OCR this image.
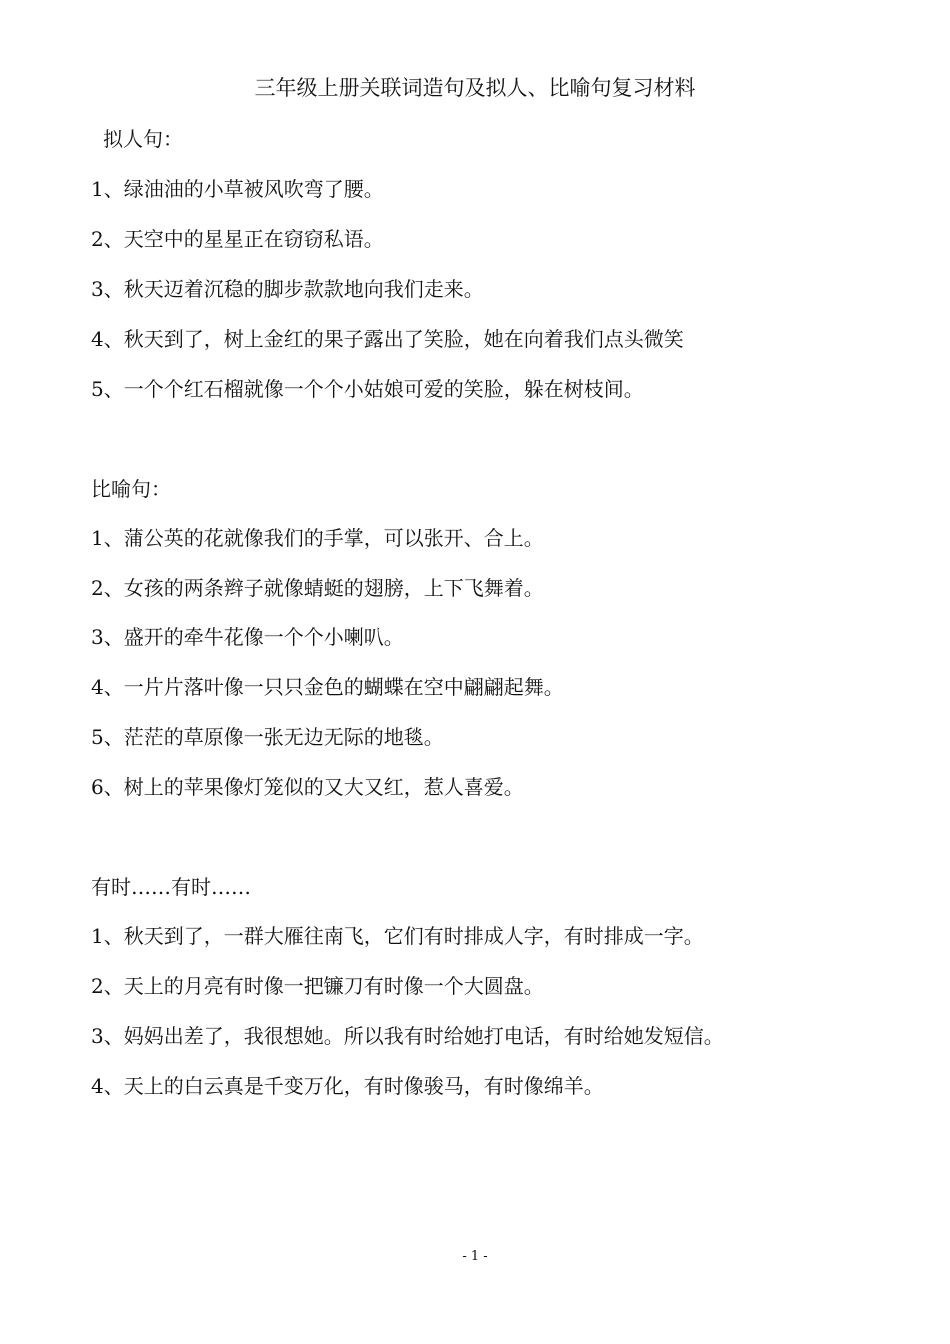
三年级上册关联词造句及拟人、比喻句复习材料
拟人句：
1、绿油油的小草被风吹弯了腰。
2、天空中的星星正在窃窃私语。
3、秋天迈着沉稳的脚步款款地向我们走来。
4、秋天到了，树上金红的果子露出了笑脸，她在向着我们点头微笑
5、一个个红石榴就像一个个小姑娘可爱的笑脸，躲在树枝间。
比喻句：
1、蒲公英的花就像我们的手掌，可以张开、合上。
2、女孩的两条辫子就像蜻蜓的翅膀，上下飞舞着。
3、盛开的牵牛花像一个个小喇叭。
4、一片片落叶像一只只金色的蝴蝶在空中翩翩起舞。
5、茫茫的草原像一张无边无际的地毯。
6、树上的苹果像灯笼似的又大又红，惹人喜爱。
有时……有时……
1、秋天到了，一群大雁往南飞，它们有时排成人字，有时排成一字。
2、天上的月亮有时像一把镰刀有时像一个大圆盘。
3、妈妈出差了，我很想她。所以我有时给她打电话，有时给她发短信。
4、天上的白云真是千变万化，有时像骏马，有时像绵羊。
- 1 -
